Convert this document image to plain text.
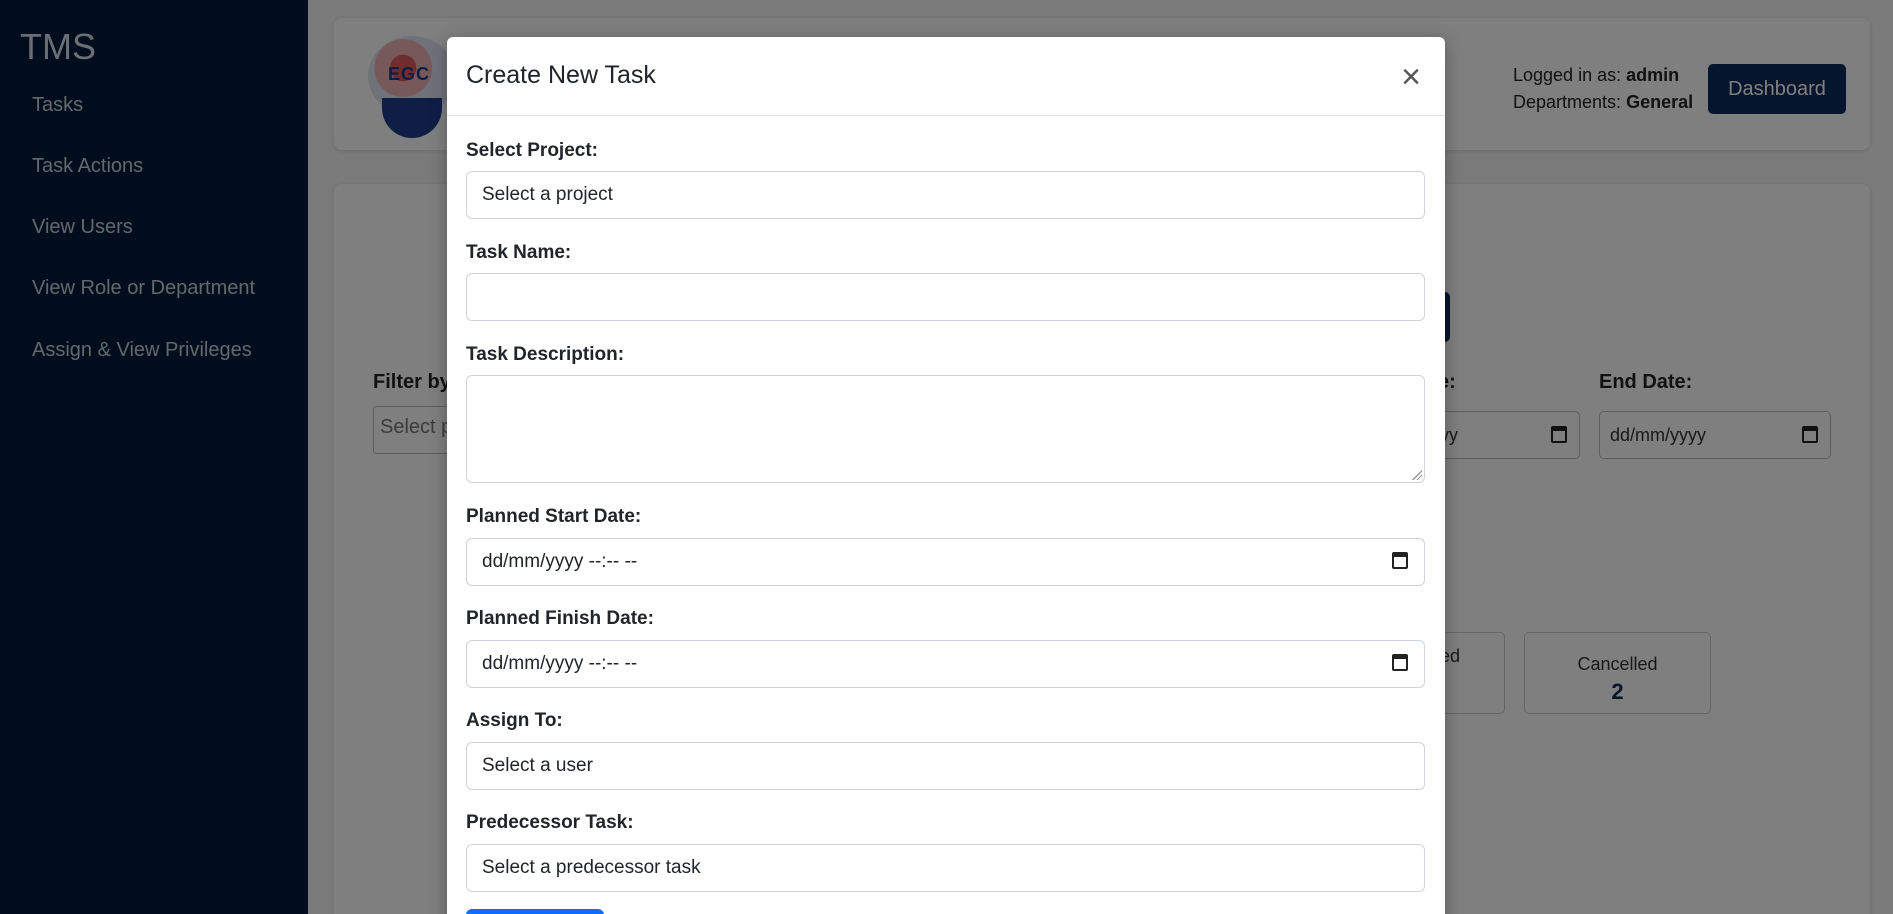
Create New Task	×
Select Project:
Select a project
Task Name:
Task Description:
Planned Start Date:
dd/mm/yyyy --:-- --
Planned Finish Date:
dd/mm/yyyy --:-- --
Assign To:
Select a user
Predecessor Task:
Select a predecessor task
